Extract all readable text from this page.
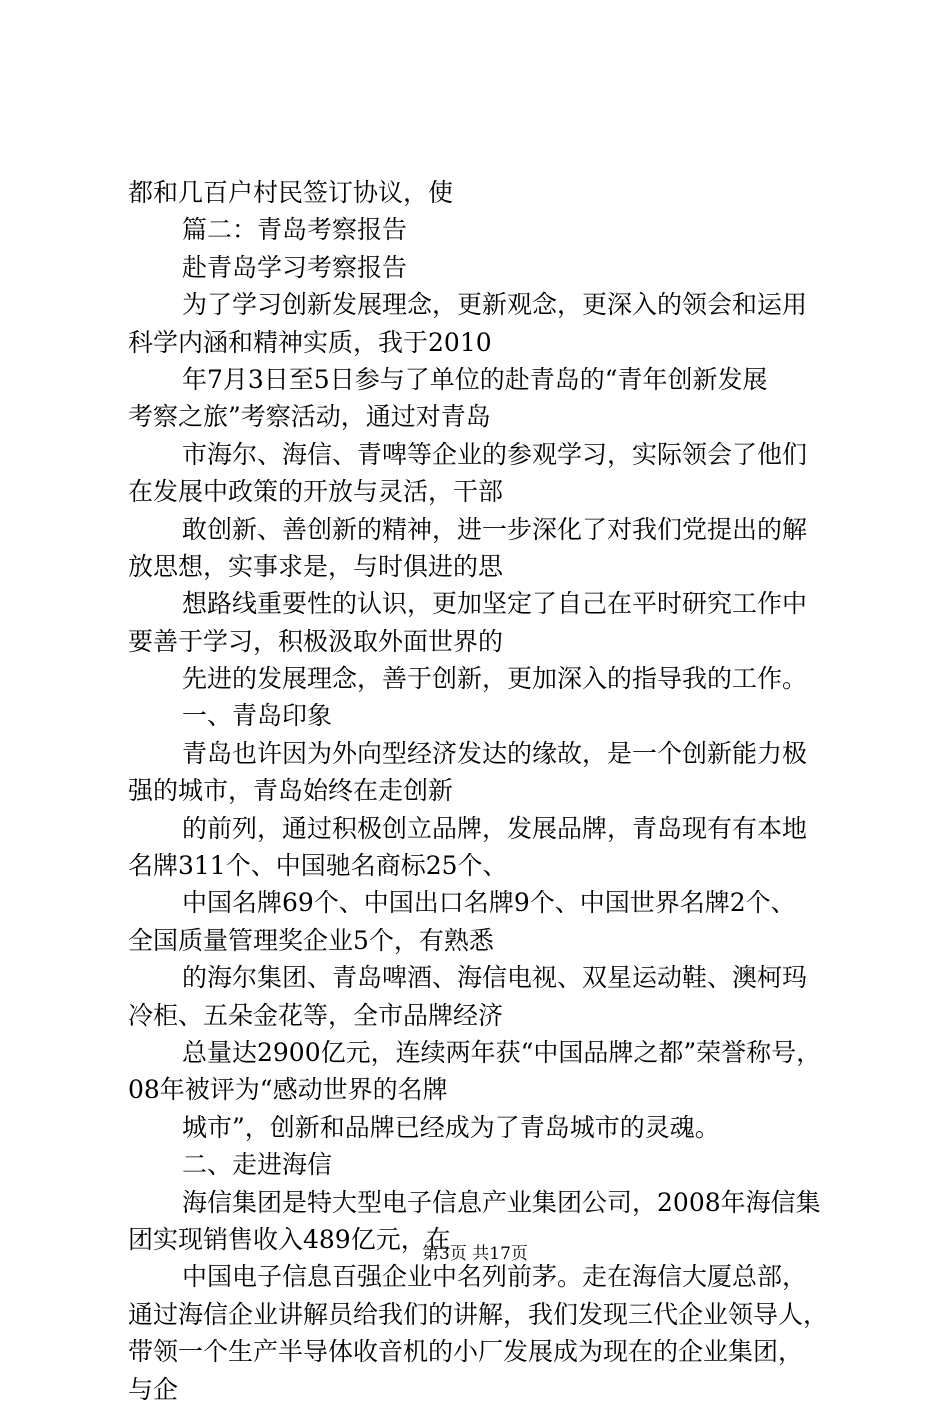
都和几百户村民签订协议，使
篇二：青岛考察报告
赴青岛学习考察报告
为了学习创新发展理念，更新观念，更深入的领会和运用
科学内涵和精神实质，我于2010
年7月3日至5日参与了单位的赴青岛的“青年创新发展
考察之旅”考察活动，通过对青岛
市海尔、海信、青啤等企业的参观学习，实际领会了他们
在发展中政策的开放与灵活，干部
敢创新、善创新的精神，进一步深化了对我们党提出的解
放思想，实事求是，与时俱进的思
想路线重要性的认识，更加坚定了自己在平时研究工作中
要善于学习，积极汲取外面世界的
先进的发展理念，善于创新，更加深入的指导我的工作。
一、青岛印象
青岛也许因为外向型经济发达的缘故，是一个创新能力极
强的城市，青岛始终在走创新
的前列，通过积极创立品牌，发展品牌，青岛现有有本地
名牌311个、中国驰名商标25个、
中国名牌69个、中国出口名牌9个、中国世界名牌2个、
全国质量管理奖企业5个，有熟悉
的海尔集团、青岛啤酒、海信电视、双星运动鞋、澳柯玛
冷柜、五朵金花等，全市品牌经济
总量达2900亿元，连续两年获“中国品牌之都”荣誉称号，
08年被评为“感动世界的名牌
城市”，创新和品牌已经成为了青岛城市的灵魂。
二、走进海信
海信集团是特大型电子信息产业集团公司，2008年海信集
团实现销售收入489亿元，在
中国电子信息百强企业中名列前茅。走在海信大厦总部，
通过海信企业讲解员给我们的讲解，我们发现三代企业领导人，
带领一个生产半导体收音机的小厂发展成为现在的企业集团，
与企
第3页 共17页
